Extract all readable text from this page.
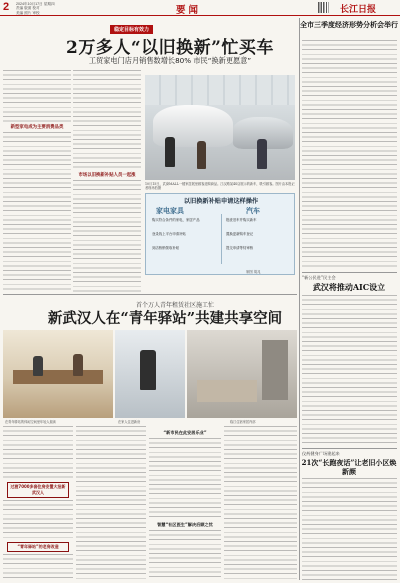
2 2024年10月17日 星期四
责编 版面 校对
美编 照片 审校	要闻	长江日报
新型家电成为主要消费品类
市场以旧换新补贴人员一起涨
稳定目标有效力
2万多人“以旧换新”忙买车
工贸家电门店月销售数增长80% 市民“换新更愿意”
10月15日，武商MALL一楼家居展里顾客选购商品。江汉路某4S店展示的新车，吸引顾客。图片由本报记者现场拍摄
以旧换新补贴申请这样操作
家电家具	汽车
购买符合条件的家电、家居产品
登录线上平台申请补贴
到店核销领取补贴
报废旧车并购买新车
置换更新购车登记
提交申请等待审核
制图 胡兆
首个万人青年租赁社区施工忙
新武汉人在“青年驿站”共建共享空间
在青年驿站的休闲空间里年轻人阅读	在家人住进新房	临江住宿家居内部
过渡7000多套住房安置大批新武汉人
“青年驿站”的老房改造
“新市民在此安居乐业”
智慧“社区医生”解决后顾之忧
全市三季度经济形势分析会举行
“新公民进”民主会
武汉将推动AIC设立
仪药健身广场建起来
21次“长跑夜话”让老旧小区焕新颜
